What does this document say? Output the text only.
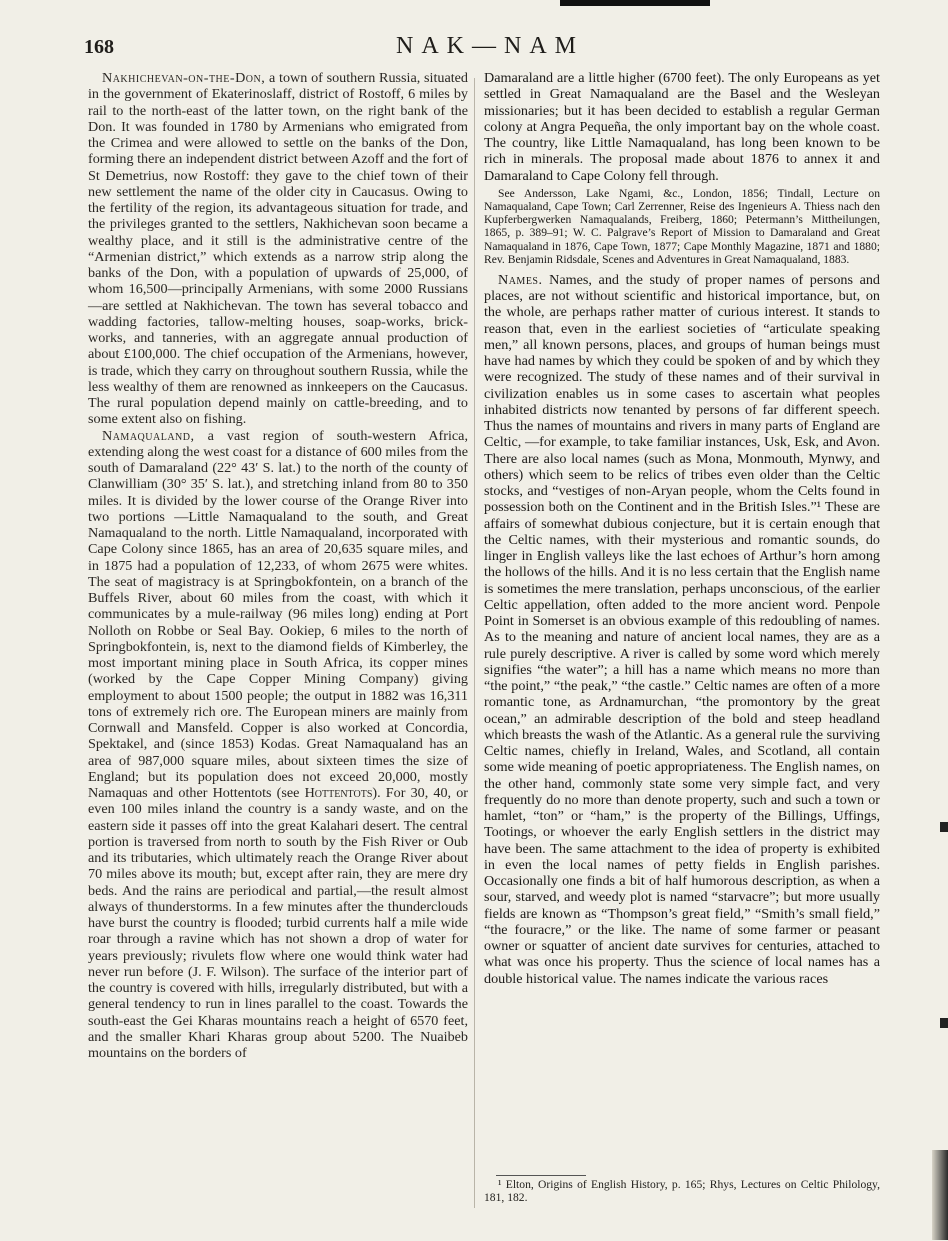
168	NAK—NAM

Nakhichevan-on-the-Don, a town of southern Russia, situated in the government of Ekaterinoslaff, district of Rostoff, 6 miles by rail to the north-east of the latter town, on the right bank of the Don. It was founded in 1780 by Armenians who emigrated from the Crimea and were allowed to settle on the banks of the Don, forming there an independent district between Azoff and the fort of St Demetrius, now Rostoff: they gave to the chief town of their new settlement the name of the older city in Caucasus. Owing to the fertility of the region, its advantageous situation for trade, and the privileges granted to the settlers, Nakhichevan soon became a wealthy place, and it still is the administrative centre of the “Armenian district,” which extends as a narrow strip along the banks of the Don, with a population of upwards of 25,000, of whom 16,500—principally Armenians, with some 2000 Russians—are settled at Nakhichevan. The town has several tobacco and wadding factories, tallow-melting houses, soap-works, brick-works, and tanneries, with an aggregate annual production of about £100,000. The chief occupation of the Armenians, however, is trade, which they carry on throughout southern Russia, while the less wealthy of them are renowned as innkeepers on the Caucasus. The rural population depend mainly on cattle-breeding, and to some extent also on fishing.

Namaqualand, a vast region of south-western Africa, extending along the west coast for a distance of 600 miles from the south of Damaraland (22° 43′ S. lat.) to the north of the county of Clanwilliam (30° 35′ S. lat.), and stretching inland from 80 to 350 miles. It is divided by the lower course of the Orange River into two portions —Little Namaqualand to the south, and Great Namaqualand to the north. Little Namaqualand, incorporated with Cape Colony since 1865, has an area of 20,635 square miles, and in 1875 had a population of 12,233, of whom 2675 were whites. The seat of magistracy is at Springbokfontein, on a branch of the Buffels River, about 60 miles from the coast, with which it communicates by a mule-railway (96 miles long) ending at Port Nolloth on Robbe or Seal Bay. Ookiep, 6 miles to the north of Springbokfontein, is, next to the diamond fields of Kimberley, the most important mining place in South Africa, its copper mines (worked by the Cape Copper Mining Company) giving employment to about 1500 people; the output in 1882 was 16,311 tons of extremely rich ore. The European miners are mainly from Cornwall and Mansfeld. Copper is also worked at Concordia, Spektakel, and (since 1853) Kodas. Great Namaqualand has an area of 987,000 square miles, about sixteen times the size of England; but its population does not exceed 20,000, mostly Namaquas and other Hottentots (see Hottentots). For 30, 40, or even 100 miles inland the country is a sandy waste, and on the eastern side it passes off into the great Kalahari desert. The central portion is traversed from north to south by the Fish River or Oub and its tributaries, which ultimately reach the Orange River about 70 miles above its mouth; but, except after rain, they are mere dry beds. And the rains are periodical and partial,—the result almost always of thunderstorms. In a few minutes after the thunderclouds have burst the country is flooded; turbid currents half a mile wide roar through a ravine which has not shown a drop of water for years previously; rivulets flow where one would think water had never run before (J. F. Wilson). The surface of the interior part of the country is covered with hills, irregularly distributed, but with a general tendency to run in lines parallel to the coast. Towards the south-east the Gei Kharas mountains reach a height of 6570 feet, and the smaller Khari Kharas group about 5200. The Nuaibeb mountains on the borders of

Damaraland are a little higher (6700 feet). The only Europeans as yet settled in Great Namaqualand are the Basel and the Wesleyan missionaries; but it has been decided to establish a regular German colony at Angra Pequeña, the only important bay on the whole coast. The country, like Little Namaqualand, has long been known to be rich in minerals. The proposal made about 1876 to annex it and Damaraland to Cape Colony fell through.

See Andersson, Lake Ngami, &c., London, 1856; Tindall, Lecture on Namaqualand, Cape Town; Carl Zerrenner, Reise des Ingenieurs A. Thiess nach den Kupferbergwerken Namaqualands, Freiberg, 1860; Petermann’s Mittheilungen, 1865, p. 389–91; W. C. Palgrave’s Report of Mission to Damaraland and Great Namaqualand in 1876, Cape Town, 1877; Cape Monthly Magazine, 1871 and 1880; Rev. Benjamin Ridsdale, Scenes and Adventures in Great Namaqualand, 1883.

Names. Names, and the study of proper names of persons and places, are not without scientific and historical importance, but, on the whole, are perhaps rather matter of curious interest. It stands to reason that, even in the earliest societies of “articulate speaking men,” all known persons, places, and groups of human beings must have had names by which they could be spoken of and by which they were recognized. The study of these names and of their survival in civilization enables us in some cases to ascertain what peoples inhabited districts now tenanted by persons of far different speech. Thus the names of mountains and rivers in many parts of England are Celtic, —for example, to take familiar instances, Usk, Esk, and Avon. There are also local names (such as Mona, Monmouth, Mynwy, and others) which seem to be relics of tribes even older than the Celtic stocks, and “vestiges of non-Aryan people, whom the Celts found in possession both on the Continent and in the British Isles.”¹ These are affairs of somewhat dubious conjecture, but it is certain enough that the Celtic names, with their mysterious and romantic sounds, do linger in English valleys like the last echoes of Arthur’s horn among the hollows of the hills. And it is no less certain that the English name is sometimes the mere translation, perhaps unconscious, of the earlier Celtic appellation, often added to the more ancient word. Penpole Point in Somerset is an obvious example of this redoubling of names. As to the meaning and nature of ancient local names, they are as a rule purely descriptive. A river is called by some word which merely signifies “the water”; a hill has a name which means no more than “the point,” “the peak,” “the castle.” Celtic names are often of a more romantic tone, as Ardnamurchan, “the promontory by the great ocean,” an admirable description of the bold and steep headland which breasts the wash of the Atlantic. As a general rule the surviving Celtic names, chiefly in Ireland, Wales, and Scotland, all contain some wide meaning of poetic appropriateness. The English names, on the other hand, commonly state some very simple fact, and very frequently do no more than denote property, such and such a town or hamlet, “ton” or “ham,” is the property of the Billings, Uffings, Tootings, or whoever the early English settlers in the district may have been. The same attachment to the idea of property is exhibited in even the local names of petty fields in English parishes. Occasionally one finds a bit of half humorous description, as when a sour, starved, and weedy plot is named “starvacre”; but more usually fields are known as “Thompson’s great field,” “Smith’s small field,” “the fouracre,” or the like. The name of some farmer or peasant owner or squatter of ancient date survives for centuries, attached to what was once his property. Thus the science of local names has a double historical value. The names indicate the various races

¹ Elton, Origins of English History, p. 165; Rhys, Lectures on Celtic Philology, 181, 182.
